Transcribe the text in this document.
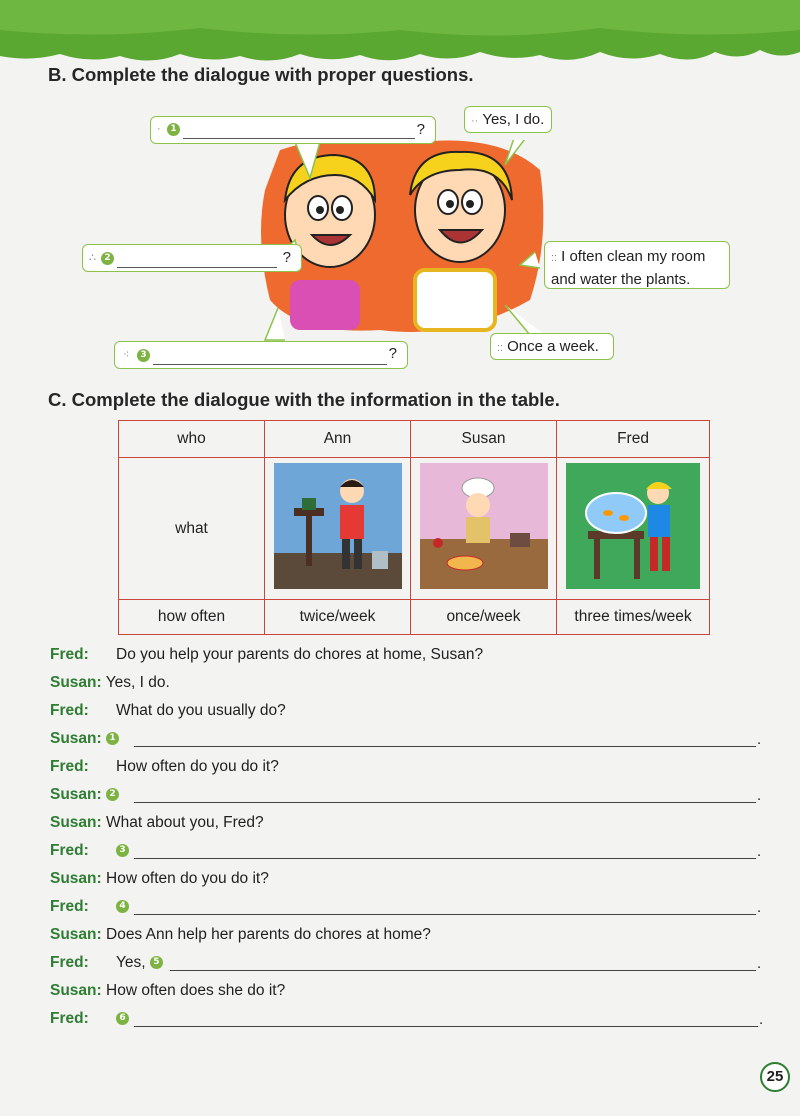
B. Complete the dialogue with proper questions.
·	1	?	·· Yes, I do.
∴ 2	?	:: I often clean my room
and water the plants.
⁖	3	?	:: Once a week.
C. Complete the dialogue with the information in the table.
who	Ann	Susan	Fred
what			
how often	twice/week	once/week	three times/week
Fred: Do you help your parents do chores at home, Susan?
Susan: Yes, I do.
Fred: What do you usually do?
Susan: 1	.
Fred: How often do you do it?
Susan: 2	.
Susan: What about you, Fred?
Fred:	3	.
Susan: How often do you do it?
Fred:	4	.
Susan: Does Ann help her parents do chores at home?
Fred: Yes, 5	.
Susan: How often does she do it?
Fred:	6	.
25
